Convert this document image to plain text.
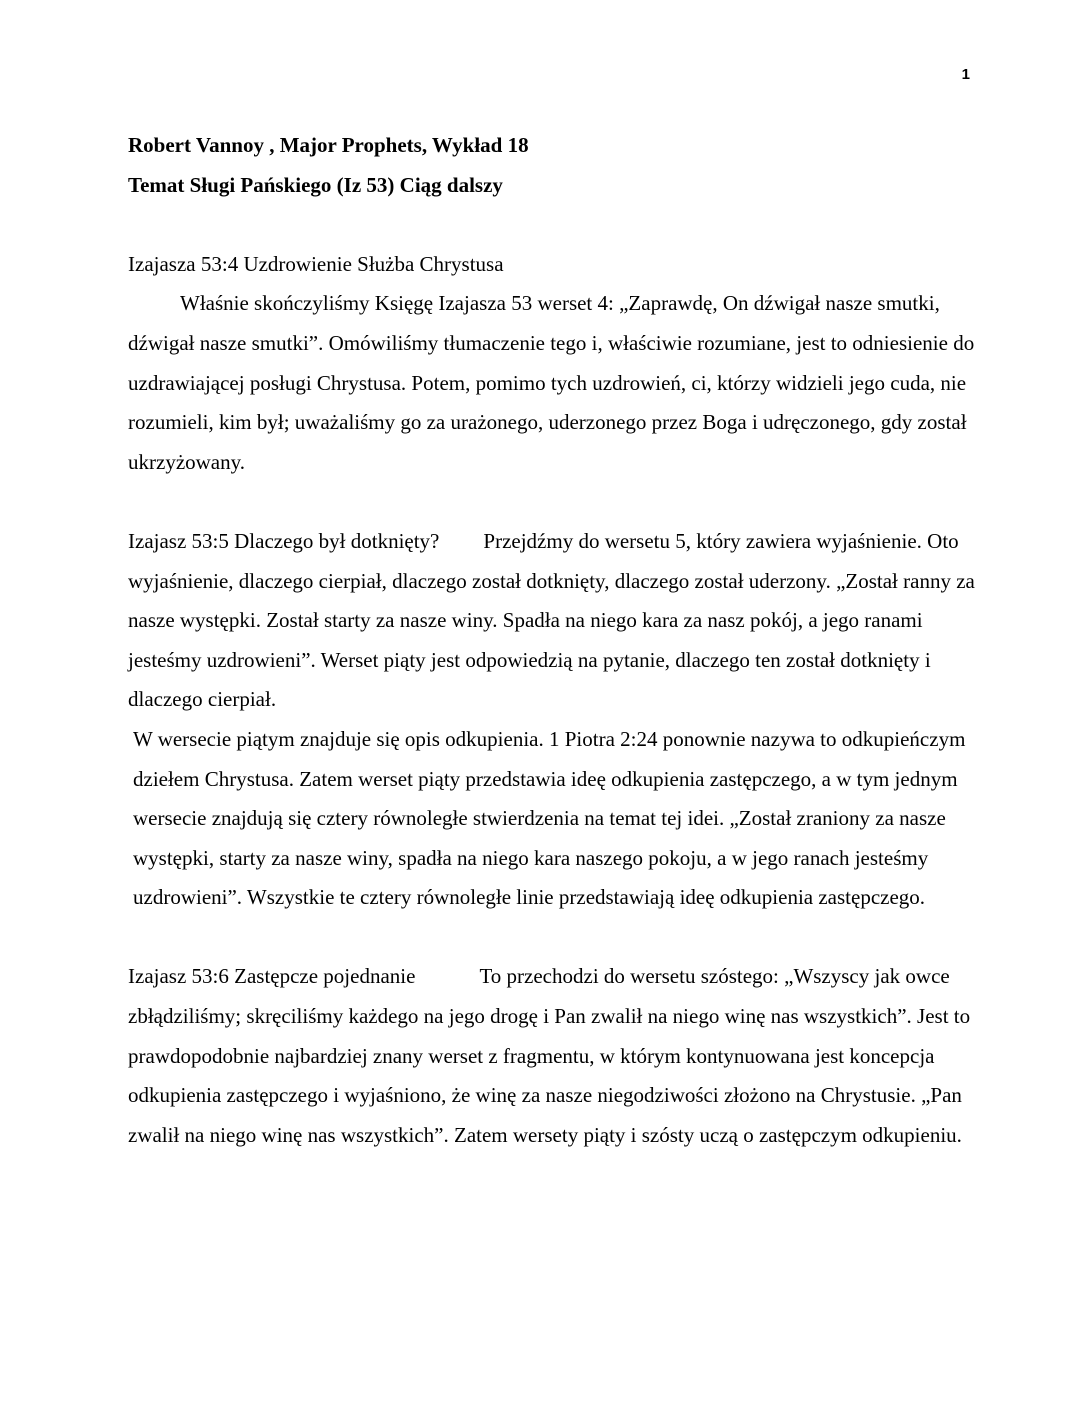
1

Robert Vannoy , Major Prophets, Wykład 18

Temat Sługi Pańskiego (Iz 53) Ciąg dalszy

Izajasza 53:4 Uzdrowienie Służba Chrystusa

Właśnie skończyliśmy Księgę Izajasza 53 werset 4: „Zaprawdę, On dźwigał nasze smutki, dźwigał nasze smutki”. Omówiliśmy tłumaczenie tego i, właściwie rozumiane, jest to odniesienie do uzdrawiającej posługi Chrystusa. Potem, pomimo tych uzdrowień, ci, którzy widzieli jego cuda, nie rozumieli, kim był; uważaliśmy go za urażonego, uderzonego przez Boga i udręczonego, gdy został ukrzyżowany.

Izajasz 53:5 Dlaczego był dotknięty? Przejdźmy do wersetu 5, który zawiera wyjaśnienie. Oto wyjaśnienie, dlaczego cierpiał, dlaczego został dotknięty, dlaczego został uderzony. „Został ranny za nasze występki. Został starty za nasze winy. Spadła na niego kara za nasz pokój, a jego ranami jesteśmy uzdrowieni”. Werset piąty jest odpowiedzią na pytanie, dlaczego ten został dotknięty i dlaczego cierpiał.

W wersecie piątym znajduje się opis odkupienia. 1 Piotra 2:24 ponownie nazywa to odkupieńczym dziełem Chrystusa. Zatem werset piąty przedstawia ideę odkupienia zastępczego, a w tym jednym wersecie znajdują się cztery równoległe stwierdzenia na temat tej idei. „Został zraniony za nasze występki, starty za nasze winy, spadła na niego kara naszego pokoju, a w jego ranach jesteśmy uzdrowieni”. Wszystkie te cztery równoległe linie przedstawiają ideę odkupienia zastępczego.

Izajasz 53:6 Zastępcze pojednanie	To przechodzi do wersetu szóstego: „Wszyscy jak owce zbłądziliśmy; skręciliśmy każdego na jego drogę i Pan zwalił na niego winę nas wszystkich”. Jest to prawdopodobnie najbardziej znany werset z fragmentu, w którym kontynuowana jest koncepcja odkupienia zastępczego i wyjaśniono, że winę za nasze niegodziwości złożono na Chrystusie. „Pan zwalił na niego winę nas wszystkich”. Zatem wersety piąty i szósty uczą o zastępczym odkupieniu.
